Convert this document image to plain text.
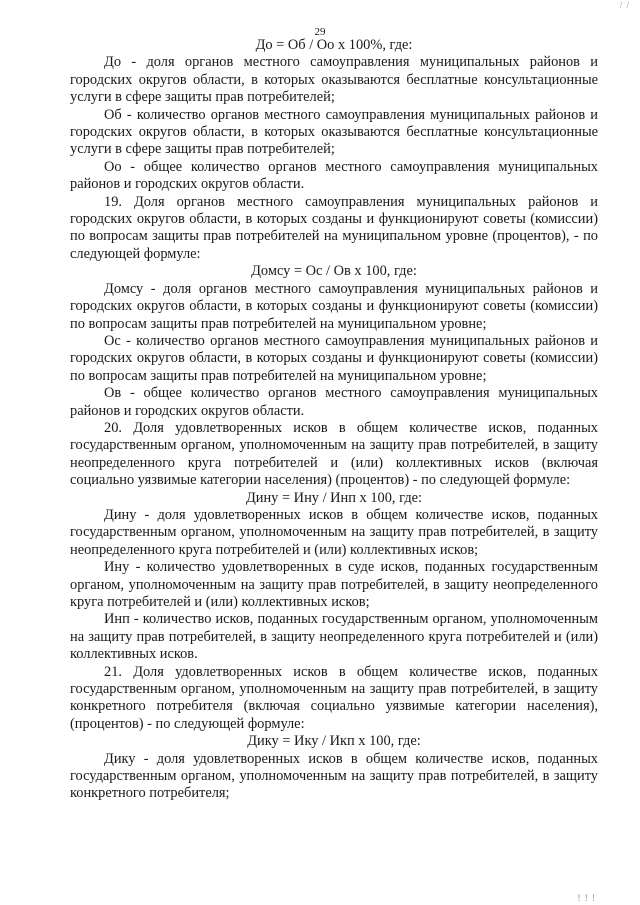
/ /
29

До = Об / Оо х 100%, где:

До - доля органов местного самоуправления муниципальных районов и городских округов области, в которых оказываются бесплатные консультационные услуги в сфере защиты прав потребителей;

Об - количество органов местного самоуправления муниципальных районов и городских округов области, в которых оказываются бесплатные консультационные услуги в сфере защиты прав потребителей;

Оо - общее количество органов местного самоуправления муниципальных районов и городских округов области.

19. Доля органов местного самоуправления муниципальных районов и городских округов области, в которых созданы и функционируют советы (комиссии) по вопросам защиты прав потребителей на муниципальном уровне (процентов), - по следующей формуле:

Домсу = Ос / Ов х 100, где:

Домсу - доля органов местного самоуправления муниципальных районов и городских округов области, в которых созданы и функционируют советы (комиссии) по вопросам защиты прав потребителей на муниципальном уровне;

Ос - количество органов местного самоуправления муниципальных районов и городских округов области, в которых созданы и функционируют советы (комиссии) по вопросам защиты прав потребителей на муниципальном уровне;

Ов - общее количество органов местного самоуправления муниципальных районов и городских округов области.

20. Доля удовлетворенных исков в общем количестве исков, поданных государственным органом, уполномоченным на защиту прав потребителей, в защиту неопределенного круга потребителей и (или) коллективных исков (включая социально уязвимые категории населения) (процентов) - по следующей формуле:

Дину = Ину / Инп х 100, где:

Дину - доля удовлетворенных исков в общем количестве исков, поданных государственным органом, уполномоченным на защиту прав потребителей, в защиту неопределенного круга потребителей и (или) коллективных исков;

Ину - количество удовлетворенных в суде исков, поданных государственным органом, уполномоченным на защиту прав потребителей, в защиту неопределенного круга потребителей и (или) коллективных исков;

Инп - количество исков, поданных государственным органом, уполномоченным на защиту прав потребителей, в защиту неопределенного круга потребителей и (или) коллективных исков.

21. Доля удовлетворенных исков в общем количестве исков, поданных государственным органом, уполномоченным на защиту прав потребителей, в защиту конкретного потребителя (включая социально уязвимые категории населения), (процентов) - по следующей формуле:

Дику = Ику / Икп х 100, где:

Дику - доля удовлетворенных исков в общем количестве исков, поданных государственным органом, уполномоченным на защиту прав потребителей, в защиту конкретного потребителя;

! ! !
